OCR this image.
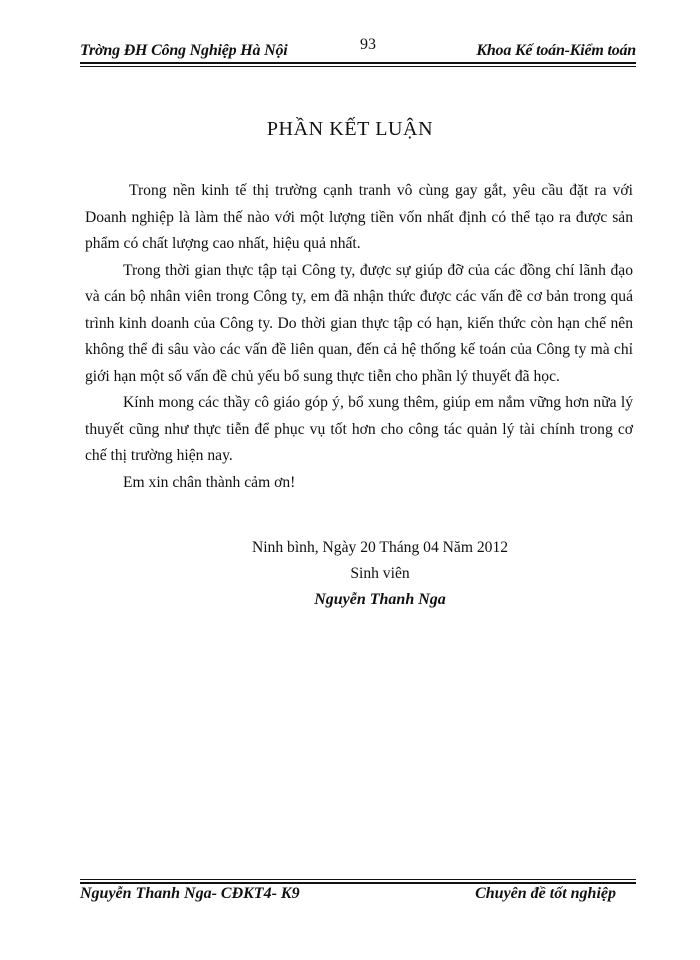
Trờng ĐH Công Nghiệp Hà Nội	93	Khoa Kế toán-Kiểm toán
PHẦN KẾT LUẬN

Trong nền kinh tế thị trường cạnh tranh vô cùng gay gắt, yêu cầu đặt ra với Doanh nghiệp là làm thế nào với một lượng tiền vốn nhất định có thể tạo ra được sản phẩm có chất lượng cao nhất, hiệu quả nhất.

Trong thời gian thực tập tại Công ty, được sự giúp đỡ của các đồng chí lãnh đạo và cán bộ nhân viên trong Công ty, em đã nhận thức được các vấn đề cơ bản trong quá trình kinh doanh của Công ty. Do thời gian thực tập có hạn, kiến thức còn hạn chế nên không thể đi sâu vào các vấn đề liên quan, đến cả hệ thống kế toán của Công ty mà chỉ giới hạn một số vấn đề chủ yếu bổ sung thực tiễn cho phần lý thuyết đã học.

Kính mong các thầy cô giáo góp ý, bổ xung thêm, giúp em nắm vững hơn nữa lý thuyết cũng như thực tiễn để phục vụ tốt hơn cho công tác quản lý tài chính trong cơ chế thị trường hiện nay.

Em xin chân thành cảm ơn!

Ninh bình, Ngày 20 Tháng 04 Năm 2012
Sinh viên
Nguyễn Thanh Nga
Nguyễn Thanh Nga- CĐKT4- K9	Chuyên đề tốt nghiệp
